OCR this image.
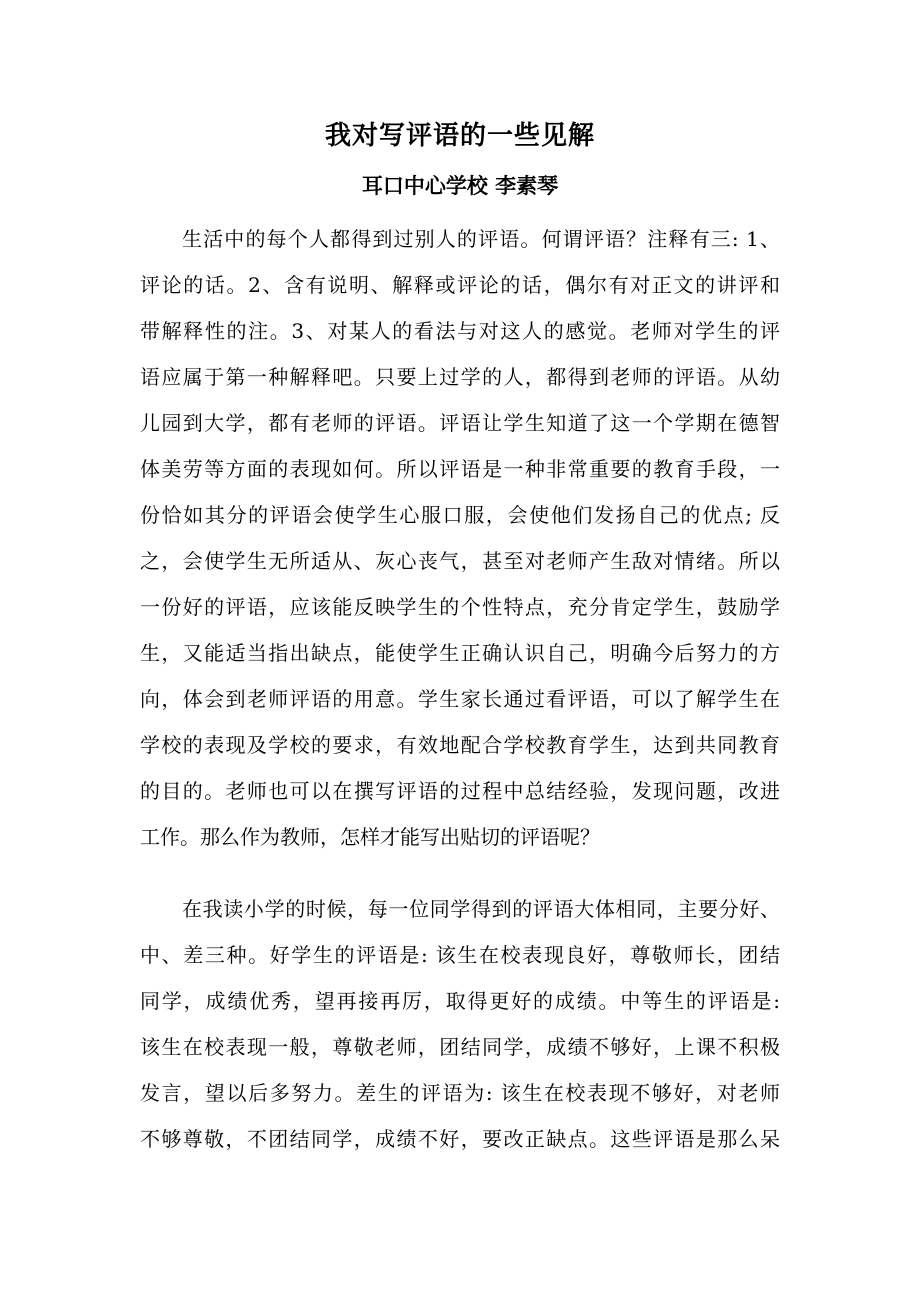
我对写评语的一些见解
耳口中心学校 李素琴
生活中的每个人都得到过别人的评语。何谓评语？注释有三: 1、
评论的话。2、含有说明、解释或评论的话，偶尔有对正文的讲评和
带解释性的注。3、对某人的看法与对这人的感觉。老师对学生的评
语应属于第一种解释吧。只要上过学的人，都得到老师的评语。从幼
儿园到大学，都有老师的评语。评语让学生知道了这一个学期在德智
体美劳等方面的表现如何。所以评语是一种非常重要的教育手段，一
份恰如其分的评语会使学生心服口服，会使他们发扬自己的优点; 反
之，会使学生无所适从、灰心丧气，甚至对老师产生敌对情绪。所以
一份好的评语，应该能反映学生的个性特点，充分肯定学生，鼓励学
生，又能适当指出缺点，能使学生正确认识自己，明确今后努力的方
向，体会到老师评语的用意。学生家长通过看评语，可以了解学生在
学校的表现及学校的要求，有效地配合学校教育学生，达到共同教育
的目的。老师也可以在撰写评语的过程中总结经验，发现问题，改进
工作。那么作为教师，怎样才能写出贴切的评语呢？
在我读小学的时候，每一位同学得到的评语大体相同，主要分好、
中、差三种。好学生的评语是: 该生在校表现良好，尊敬师长，团结
同学，成绩优秀，望再接再厉，取得更好的成绩。中等生的评语是:
该生在校表现一般，尊敬老师，团结同学，成绩不够好，上课不积极
发言，望以后多努力。差生的评语为: 该生在校表现不够好，对老师
不够尊敬，不团结同学，成绩不好，要改正缺点。这些评语是那么呆
